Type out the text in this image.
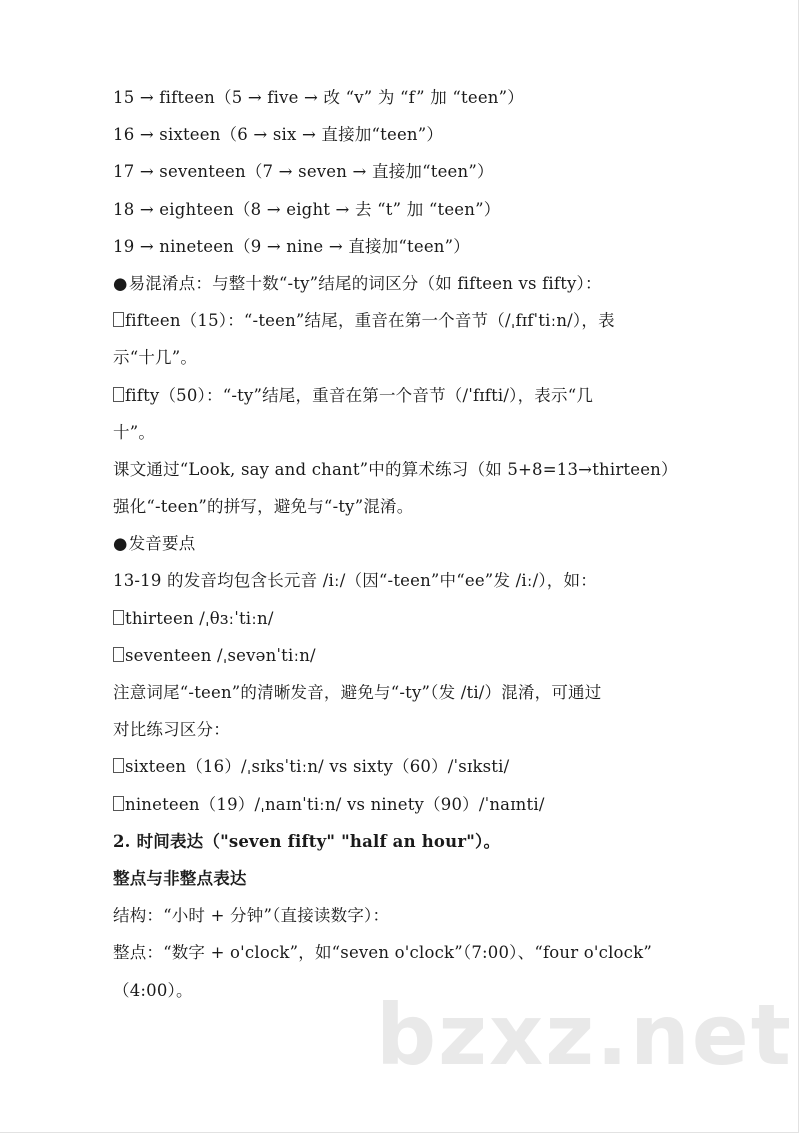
15 → fifteen（5 → five → 改 “v” 为 “f” 加 “teen”）
16 → sixteen（6 → six → 直接加“teen”）
17 → seventeen（7 → seven → 直接加“teen”）
18 → eighteen（8 → eight → 去 “t” 加 “teen”）
19 → nineteen（9 → nine → 直接加“teen”）
●易混淆点：与整十数“-ty”结尾的词区分（如 fifteen vs fifty）：
fifteen（15）：“-teen”结尾，重音在第一个音节（/ˌfɪfˈtiːn/），表
示“十几”。
fifty（50）：“-ty”结尾，重音在第一个音节（/ˈfɪfti/），表示“几
十”。
课文通过“Look, say and chant”中的算术练习（如 5+8=13→thirteen）
强化“-teen”的拼写，避免与“-ty”混淆。
●发音要点
13-19 的发音均包含长元音 /iː/（因“-teen”中“ee”发 /iː/），如：
thirteen /ˌθɜːˈtiːn/
seventeen /ˌsevənˈtiːn/
注意词尾“-teen”的清晰发音，避免与“-ty”（发 /ti/）混淆，可通过
对比练习区分：
sixteen（16）/ˌsɪksˈtiːn/ vs sixty（60）/ˈsɪksti/
nineteen（19）/ˌnaɪnˈtiːn/ vs ninety（90）/ˈnaɪnti/
2. 时间表达（"seven fifty" "half an hour"）。
整点与非整点表达
结构：“小时 + 分钟”（直接读数字）：
整点：“数字 + o'clock”，如“seven o'clock”（7:00）、“four o'clock”
（4:00）。	bzxz.net
